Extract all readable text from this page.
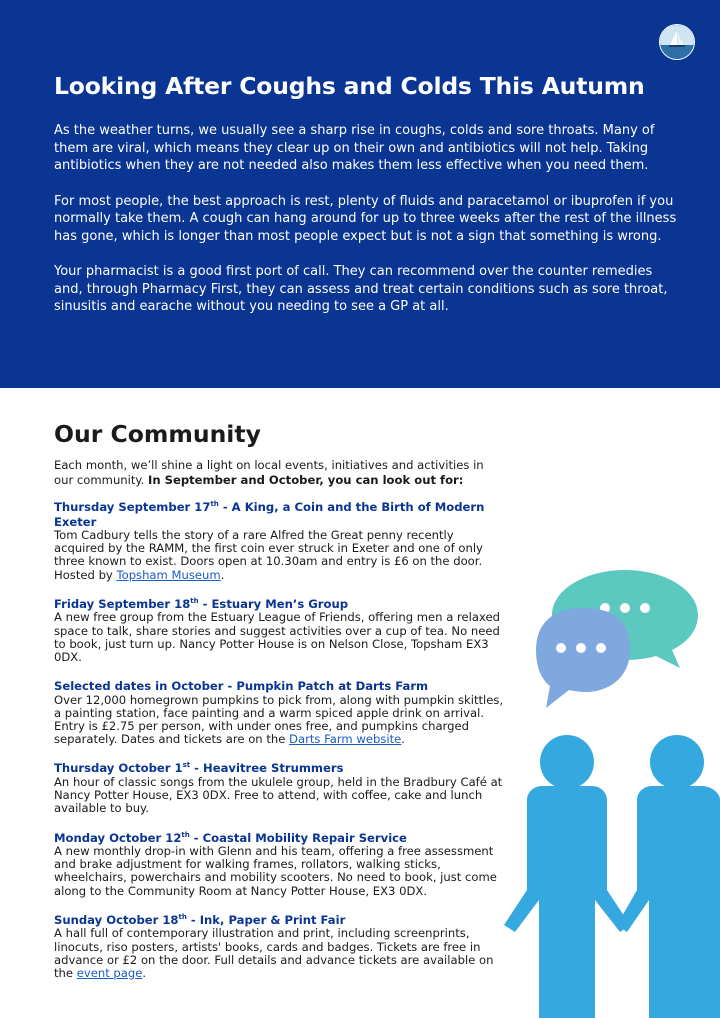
Looking After Coughs and Colds This Autumn

As the weather turns, we usually see a sharp rise in coughs, colds and sore throats. Many of them are viral, which means they clear up on their own and antibiotics will not help. Taking antibiotics when they are not needed also makes them less effective when you need them.

For most people, the best approach is rest, plenty of fluids and paracetamol or ibuprofen if you normally take them. A cough can hang around for up to three weeks after the rest of the illness has gone, which is longer than most people expect but is not a sign that something is wrong.

Your pharmacist is a good first port of call. They can recommend over the counter remedies and, through Pharmacy First, they can assess and treat certain conditions such as sore throat, sinusitis and earache without you needing to see a GP at all.

Our Community

Each month, we’ll shine a light on local events, initiatives and activities in our community. In September and October, you can look out for:

Thursday September 17th - A King, a Coin and the Birth of Modern Exeter

Tom Cadbury tells the story of a rare Alfred the Great penny recently acquired by the RAMM, the first coin ever struck in Exeter and one of only three known to exist. Doors open at 10.30am and entry is £6 on the door. Hosted by Topsham Museum.

Friday September 18th - Estuary Men’s Group

A new free group from the Estuary League of Friends, offering men a relaxed space to talk, share stories and suggest activities over a cup of tea. No need to book, just turn up. Nancy Potter House is on Nelson Close, Topsham EX3 0DX.

Selected dates in October - Pumpkin Patch at Darts Farm

Over 12,000 homegrown pumpkins to pick from, along with pumpkin skittles, a painting station, face painting and a warm spiced apple drink on arrival. Entry is £2.75 per person, with under ones free, and pumpkins charged separately. Dates and tickets are on the Darts Farm website.

Thursday October 1st - Heavitree Strummers

An hour of classic songs from the ukulele group, held in the Bradbury Café at Nancy Potter House, EX3 0DX. Free to attend, with coffee, cake and lunch available to buy.

Monday October 12th - Coastal Mobility Repair Service

A new monthly drop-in with Glenn and his team, offering a free assessment and brake adjustment for walking frames, rollators, walking sticks, wheelchairs, powerchairs and mobility scooters. No need to book, just come along to the Community Room at Nancy Potter House, EX3 0DX.

Sunday October 18th - Ink, Paper & Print Fair

A hall full of contemporary illustration and print, including screenprints, linocuts, riso posters, artists' books, cards and badges. Tickets are free in advance or £2 on the door. Full details and advance tickets are available on the event page.
